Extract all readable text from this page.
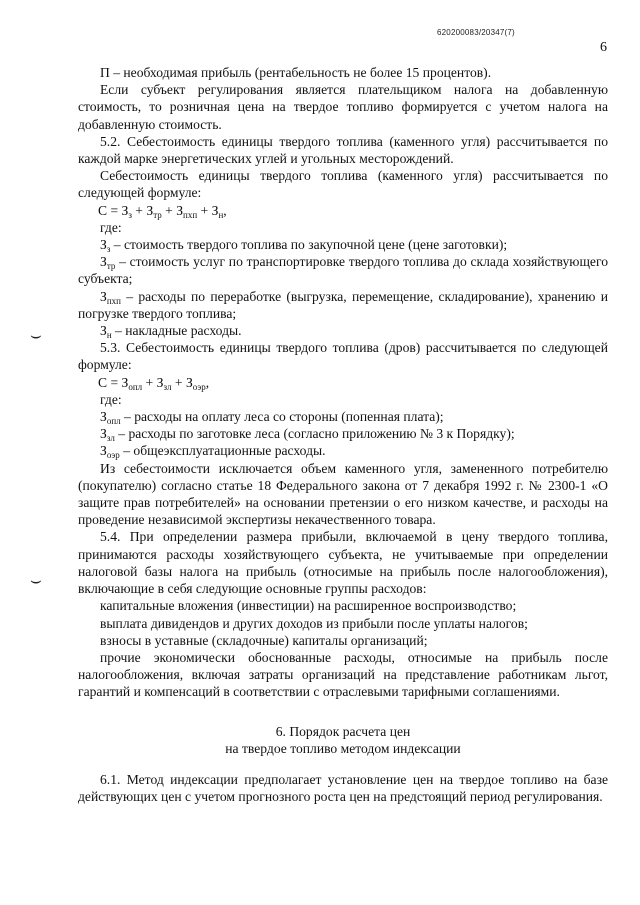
620200083/20347(7)
6
⌣
⌣

П – необходимая прибыль (рентабельность не более 15 процентов).

Если субъект регулирования является плательщиком налога на добавленную стоимость, то розничная цена на твердое топливо формируется с учетом налога на добавленную стоимость.

5.2. Себестоимость единицы твердого топлива (каменного угля) рассчитывается по каждой марке энергетических углей и угольных месторождений.

Себестоимость единицы твердого топлива (каменного угля) рассчитывается по следующей формуле:

$С = З_з + З_{тр} + З_{пхп} + З_н$,

где:

$З_з$ – стоимость твердого топлива по закупочной цене (цене заготовки);

$З_{тр}$ – стоимость услуг по транспортировке твердого топлива до склада хозяйствующего субъекта;

$З_{пхп}$ – расходы по переработке (выгрузка, перемещение, складирование), хранению и погрузке твердого топлива;

$З_н$ – накладные расходы.

5.3. Себестоимость единицы твердого топлива (дров) рассчитывается по следующей формуле:

$С = З_{опл} + З_{зл} + З_{оэр}$,

где:

$З_{опл}$ – расходы на оплату леса со стороны (попенная плата);

$З_{зл}$ – расходы по заготовке леса (согласно приложению № 3 к Порядку);

$З_{оэр}$ – общеэксплуатационные расходы.

Из себестоимости исключается объем каменного угля, замененного потребителю (покупателю) согласно статье 18 Федерального закона от 7 декабря 1992 г. № 2300-1 «О защите прав потребителей» на основании претензии о его низком качестве, и расходы на проведение независимой экспертизы некачественного товара.

5.4. При определении размера прибыли, включаемой в цену твердого топлива, принимаются расходы хозяйствующего субъекта, не учитываемые при определении налоговой базы налога на прибыль (относимые на прибыль после налогообложения), включающие в себя следующие основные группы расходов:

капитальные вложения (инвестиции) на расширенное воспроизводство;

выплата дивидендов и других доходов из прибыли после уплаты налогов;

взносы в уставные (складочные) капиталы организаций;

прочие экономически обоснованные расходы, относимые на прибыль после налогообложения, включая затраты организаций на представление работникам льгот, гарантий и компенсаций в соответствии с отраслевыми тарифными соглашениями.

6. Порядок расчета цен

на твердое топливо методом индексации

6.1. Метод индексации предполагает установление цен на твердое топливо на базе действующих цен с учетом прогнозного роста цен на предстоящий период регулирования.
